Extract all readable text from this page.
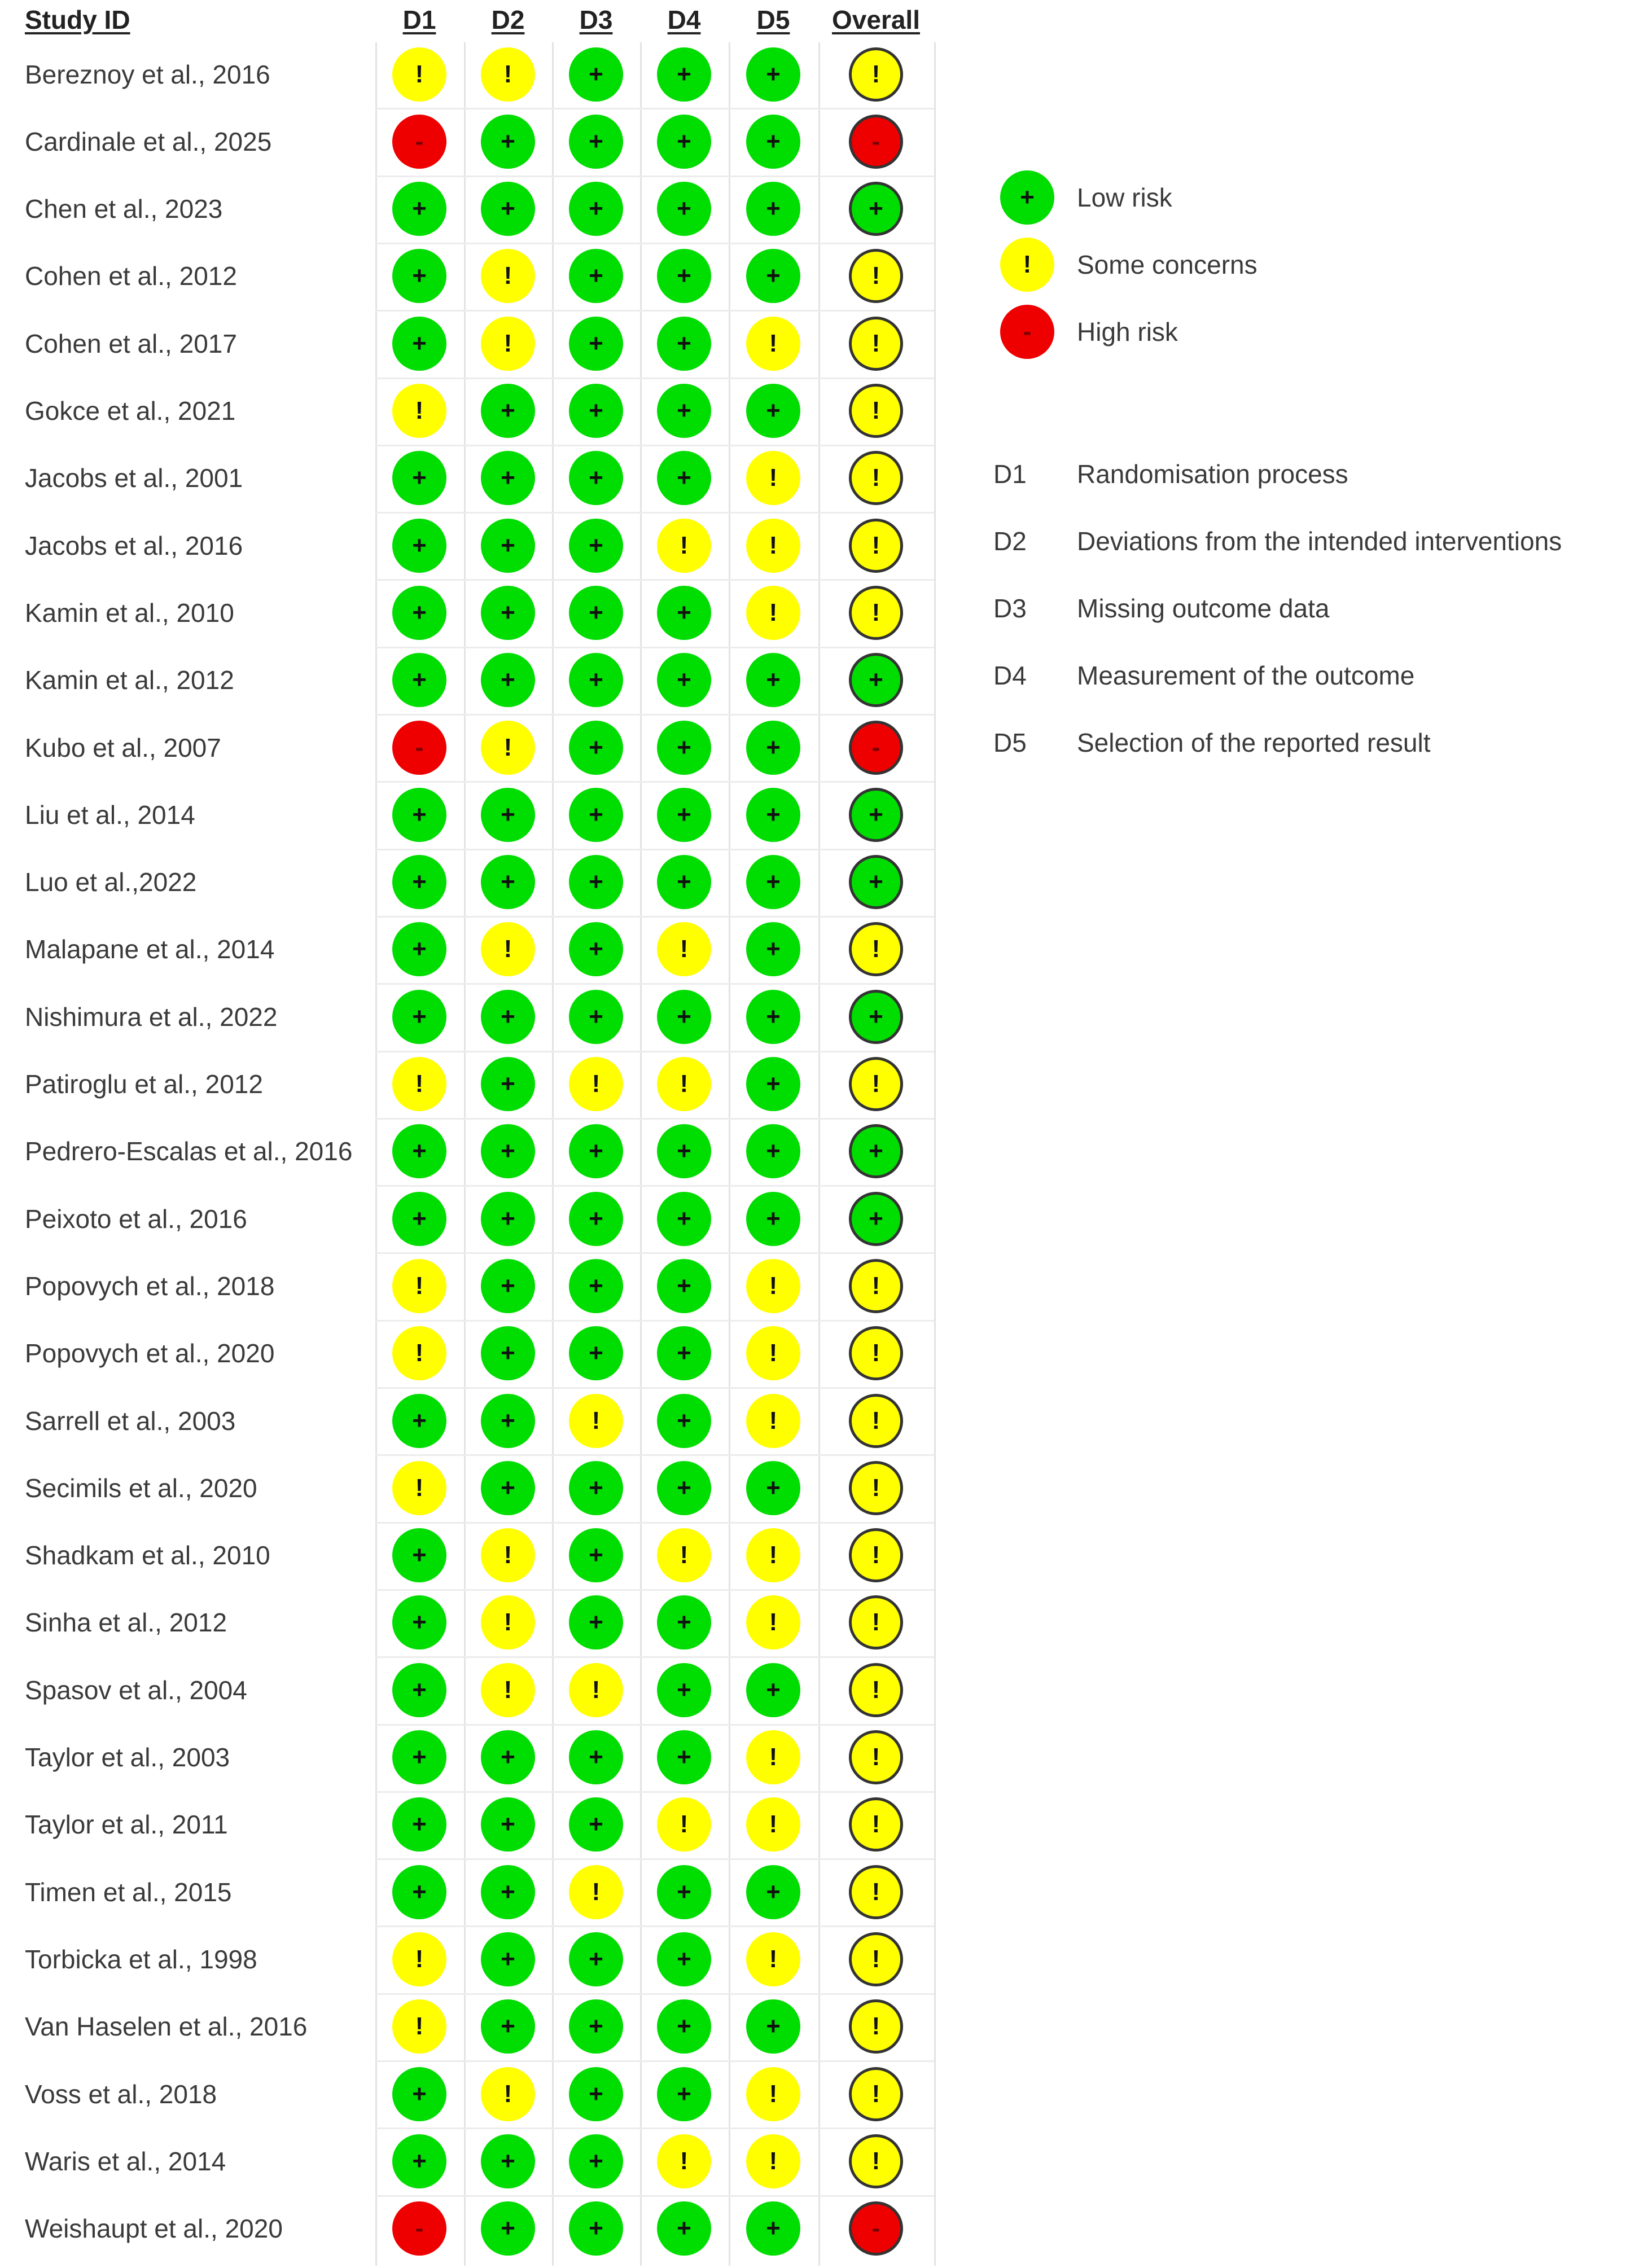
Study ID	D1 D2 D3 D4 D5 Overall
Bereznoy et al., 2016	!	!	+	+	+	!
Cardinale et al., 2025	-	+	+	+	+	-
Chen et al., 2023	+	+	+	+	+	+
Cohen et al., 2012	+	!	+	+	+	!
Cohen et al., 2017	+	!	+	+	!	!
Gokce et al., 2021	!	+	+	+	+	!
Jacobs et al., 2001	+	+	+	+	!	!
Jacobs et al., 2016	+	+	+	!	!	!
Kamin et al., 2010	+	+	+	+	!	!
Kamin et al., 2012	+	+	+	+	+	+
Kubo et al., 2007	-	!	+	+	+	-
Liu et al., 2014	+	+	+	+	+	+
Luo et al.,2022	+	+	+	+	+	+
Malapane et al., 2014	+	!	+	!	+	!
Nishimura et al., 2022	+	+	+	+	+	+
Patiroglu et al., 2012	!	+	!	!	+	!
Pedrero-Escalas et al., 2016	+	+	+	+	+	+
Peixoto et al., 2016	+	+	+	+	+	+
Popovych et al., 2018	!	+	+	+	!	!
Popovych et al., 2020	!	+	+	+	!	!
Sarrell et al., 2003	+	+	!	+	!	!
Secimils et al., 2020	!	+	+	+	+	!
Shadkam et al., 2010	+	!	+	!	!	!
Sinha et al., 2012	+	!	+	+	!	!
Spasov et al., 2004	+	!	!	+	+	!
Taylor et al., 2003	+	+	+	+	!	!
Taylor et al., 2011	+	+	+	!	!	!
Timen et al., 2015	+	+	!	+	+	!
Torbicka et al., 1998	!	+	+	+	!	!
Van Haselen et al., 2016	!	+	+	+	+	!
Voss et al., 2018	+	!	+	+	!	!
Waris et al., 2014	+	+	+	!	!	!
Weishaupt et al., 2020	-	+	+	+	+	-
+	Low risk
!	Some concerns
-	High risk
D1 Randomisation process
D2 Deviations from the intended interventions
D3 Missing outcome data
D4 Measurement of the outcome
D5 Selection of the reported result
